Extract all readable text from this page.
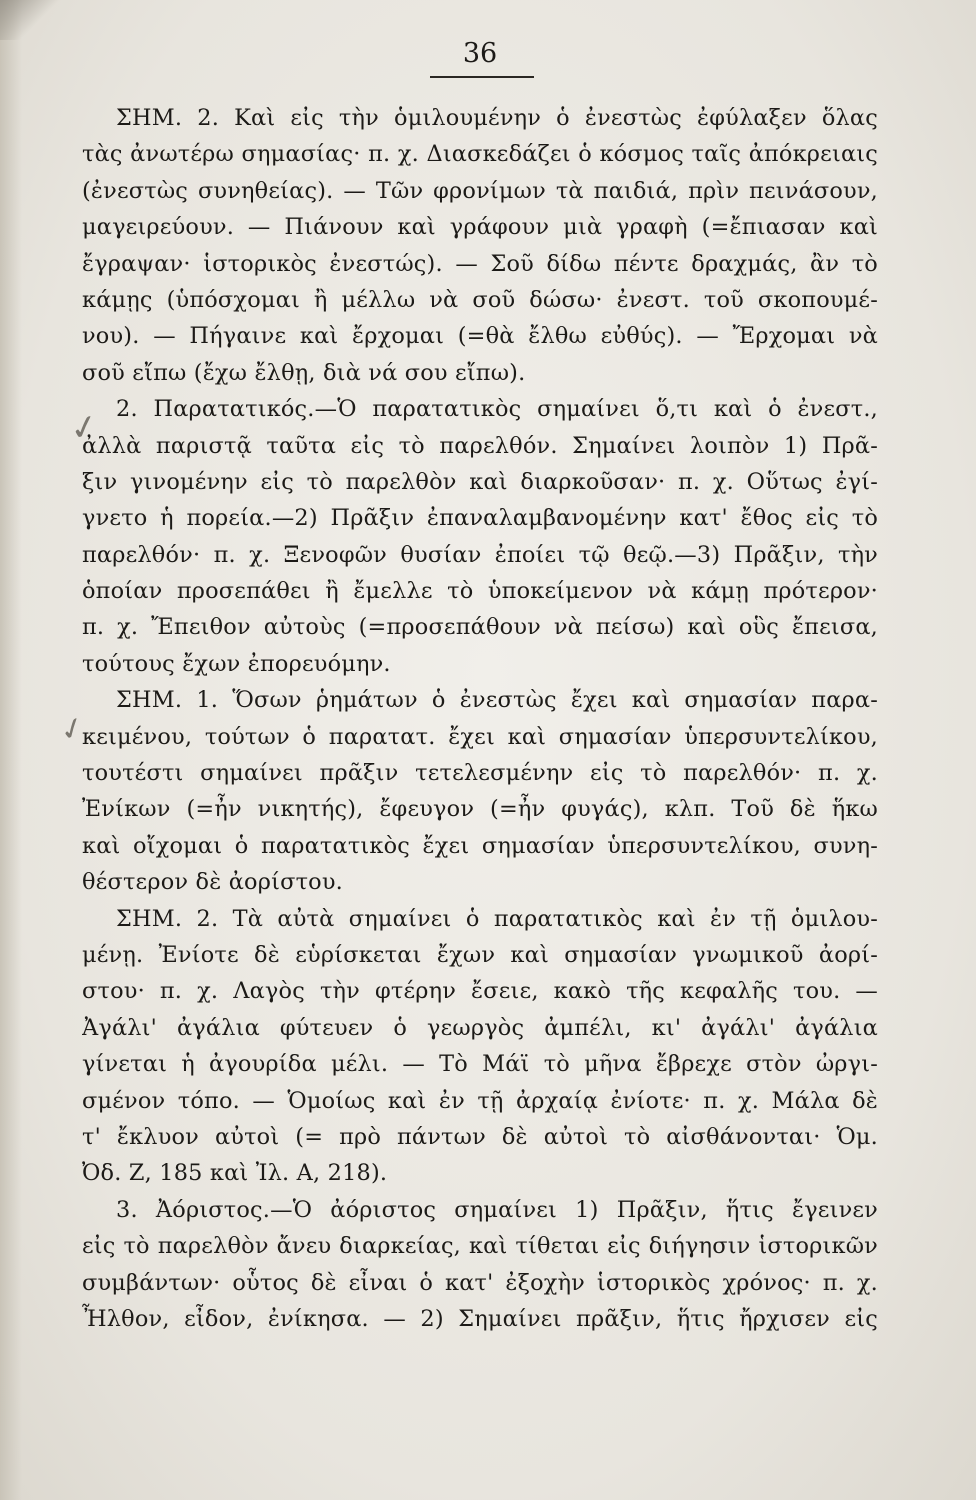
36
ΣΗΜ. 2. Καὶ εἰς τὴν ὁμιλουμένην ὁ ἐνεστὼς ἐφύλαξεν ὅλας
τὰς ἀνωτέρω σημασίας· π. χ. Διασκεδάζει ὁ κόσμος ταῖς ἀπόκρειαις
(ἐνεστὼς συνηθείας). — Τῶν φρονίμων τὰ παιδιά, πρὶν πεινάσουν,
μαγειρεύουν. — Πιάνουν καὶ γράφουν μιὰ γραφὴ (=ἔπιασαν καὶ
ἔγραψαν· ἱστορικὸς ἐνεστώς). — Σοῦ δίδω πέντε δραχμάς, ἂν τὸ
κάμῃς (ὑπόσχομαι ἢ μέλλω νὰ σοῦ δώσω· ἐνεστ. τοῦ σκοπουμέ-
νου). — Πήγαινε καὶ ἔρχομαι (=θὰ ἔλθω εὐθύς). — Ἔρχομαι νὰ
σοῦ εἴπω (ἔχω ἔλθῃ, διὰ νά σου εἴπω).
2. Παρατατικός.—Ὁ παρατατικὸς σημαίνει ὅ,τι καὶ ὁ ἐνεστ.,
ἀλλὰ παριστᾷ ταῦτα εἰς τὸ παρελθόν. Σημαίνει λοιπὸν 1) Πρᾶ-
ξιν γινομένην εἰς τὸ παρελθὸν καὶ διαρκοῦσαν· π. χ. Οὕτως ἐγί-
γνετο ἡ πορεία.—2) Πρᾶξιν ἐπαναλαμβανομένην κατ' ἔθος εἰς τὸ
παρελθόν· π. χ. Ξενοφῶν θυσίαν ἐποίει τῷ θεῷ.—3) Πρᾶξιν, τὴν
ὁποίαν προσεπάθει ἢ ἔμελλε τὸ ὑποκείμενον νὰ κάμῃ πρότερον·
π. χ. Ἔπειθον αὐτοὺς (=προσεπάθουν νὰ πείσω) καὶ οὓς ἔπεισα,
τούτους ἔχων ἐπορευόμην.
ΣΗΜ. 1. Ὅσων ῥημάτων ὁ ἐνεστὼς ἔχει καὶ σημασίαν παρα-
κειμένου, τούτων ὁ παρατατ. ἔχει καὶ σημασίαν ὑπερσυντελίκου,
τουτέστι σημαίνει πρᾶξιν τετελεσμένην εἰς τὸ παρελθόν· π. χ.
Ἐνίκων (=ἦν νικητής), ἔφευγον (=ἦν φυγάς), κλπ. Τοῦ δὲ ἥκω
καὶ οἴχομαι ὁ παρατατικὸς ἔχει σημασίαν ὑπερσυντελίκου, συνη-
θέστερον δὲ ἀορίστου.
ΣΗΜ. 2. Τὰ αὐτὰ σημαίνει ὁ παρατατικὸς καὶ ἐν τῇ ὁμιλου-
μένῃ. Ἐνίοτε δὲ εὑρίσκεται ἔχων καὶ σημασίαν γνωμικοῦ ἀορί-
στου· π. χ. Λαγὸς τὴν φτέρην ἔσειε, κακὸ τῆς κεφαλῆς του. —
Ἀγάλι' ἀγάλια φύτευεν ὁ γεωργὸς ἀμπέλι, κι' ἀγάλι' ἀγάλια
γίνεται ἡ ἀγουρίδα μέλι. — Τὸ Μάϊ τὸ μῆνα ἔβρεχε στὸν ὠργι-
σμένον τόπο. — Ὁμοίως καὶ ἐν τῇ ἀρχαίᾳ ἐνίοτε· π. χ. Μάλα δὲ
τ' ἔκλυον αὐτοὶ (= πρὸ πάντων δὲ αὐτοὶ τὸ αἰσθάνονται· Ὁμ.
Ὀδ. Ζ, 185 καὶ Ἰλ. Α, 218).
3. Ἀόριστος.—Ὁ ἀόριστος σημαίνει 1) Πρᾶξιν, ἥτις ἔγεινεν
εἰς τὸ παρελθὸν ἄνευ διαρκείας, καὶ τίθεται εἰς διήγησιν ἱστορικῶν
συμβάντων· οὗτος δὲ εἶναι ὁ κατ' ἐξοχὴν ἱστορικὸς χρόνος· π. χ.
Ἦλθον, εἶδον, ἐνίκησα. — 2) Σημαίνει πρᾶξιν, ἥτις ἤρχισεν εἰς
✓
✓
